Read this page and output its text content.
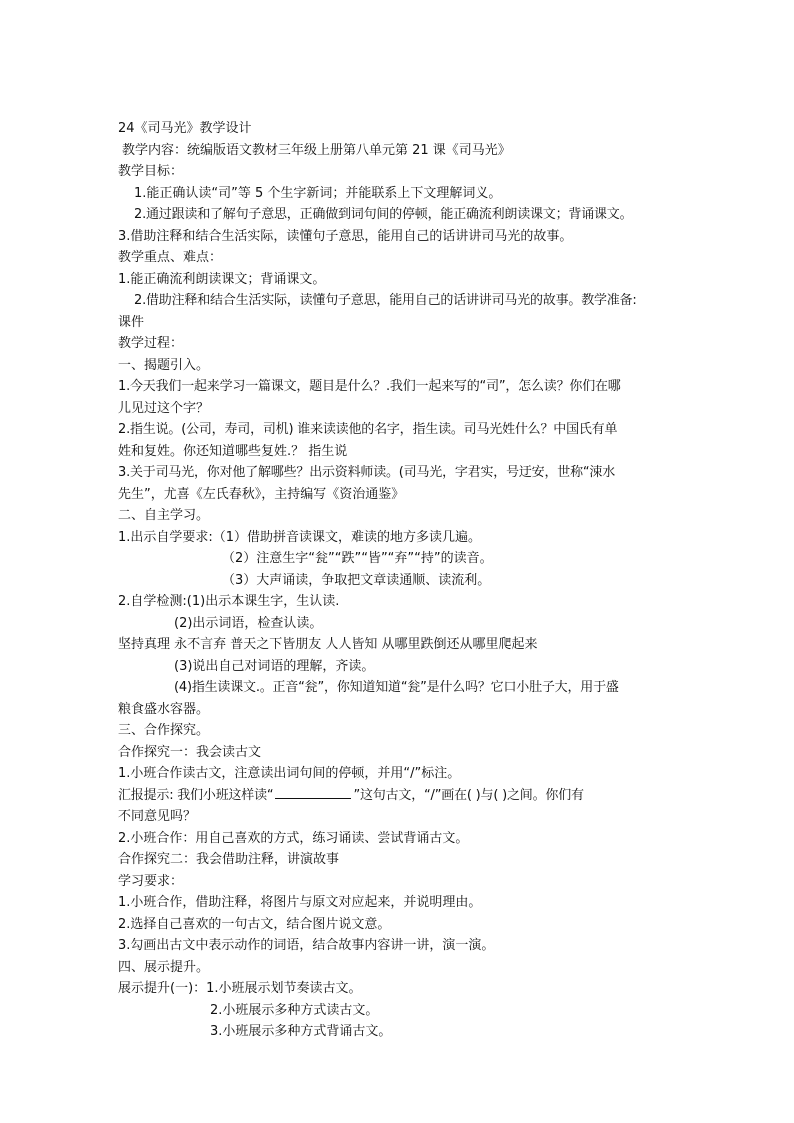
24《司马光》教学设计
教学内容：统编版语文教材三年级上册第八单元第 21 课《司马光》
教学目标：
1.能正确认读“司”等 5 个生字新词；并能联系上下文理解词义。
2.通过跟读和了解句子意思，正确做到词句间的停顿，能正确流利朗读课文；背诵课文。
3.借助注释和结合生活实际，读懂句子意思，能用自己的话讲讲司马光的故事。
教学重点、难点：
1.能正确流利朗读课文；背诵课文。
2.借助注释和结合生活实际，读懂句子意思，能用自己的话讲讲司马光的故事。教学准备:
课件
教学过程：
一、揭题引入。
1.今天我们一起来学习一篇课文，题目是什么？.我们一起来写的“司”，怎么读？你们在哪
儿见过这个字？
2.指生说。(公司，寿司，司机) 谁来读读他的名字，指生读。司马光姓什么？中国氏有单
姓和复姓。你还知道哪些复姓.？ 指生说
3.关于司马光，你对他了解哪些？出示资料师读。(司马光，字君实，号迂安，世称“涑水
先生”，尤喜《左氏春秋》，主持编写《资治通鉴》
二、自主学习。
1.出示自学要求:（1）借助拼音读课文，难读的地方多读几遍。
（2）注意生字“瓮”“跌”“皆”“弃”“持”的读音。
（3）大声诵读，争取把文章读通顺、读流利。
2.自学检测:(1)出示本课生字，生认读.
(2)出示词语，检查认读。
坚持真理 永不言弃 普天之下皆朋友 人人皆知 从哪里跌倒还从哪里爬起来
(3)说出自己对词语的理解，齐读。
(4)指生读课文.。正音“瓮”，你知道知道“瓮”是什么吗？它口小肚子大，用于盛
粮食盛水容器。
三、合作探究。
合作探究一：我会读古文
1.小班合作读古文，注意读出词句间的停顿，并用“/”标注。
汇报提示: 我们小班这样读“	”这句古文，“/”画在( )与( )之间。你们有
不同意见吗？
2.小班合作：用自己喜欢的方式，练习诵读、尝试背诵古文。
合作探究二：我会借助注释，讲演故事
学习要求：
1.小班合作，借助注释，将图片与原文对应起来，并说明理由。
2.选择自己喜欢的一句古文，结合图片说文意。
3.勾画出古文中表示动作的词语，结合故事内容讲一讲，演一演。
四、展示提升。
展示提升(一)：1.小班展示划节奏读古文。
2.小班展示多种方式读古文。
3.小班展示多种方式背诵古文。
